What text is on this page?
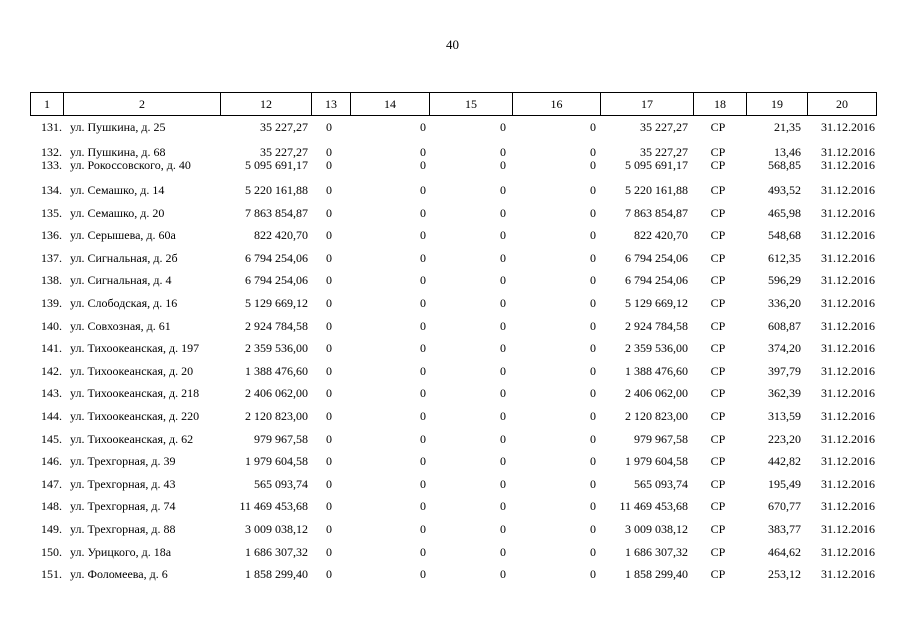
40
1	2	12	13	14	15	16	17	18	19	20
131. ул. Пушкина, д. 25	35 227,27	0	0	0	0	35 227,27	СР	21,35	31.12.2016
132. ул. Пушкина, д. 68	35 227,27	0	0	0	0	35 227,27	СР	13,46	31.12.2016
133. ул. Рокоссовского, д. 40	5 095 691,17	0	0	0	0	5 095 691,17	СР	568,85	31.12.2016
134. ул. Семашко, д. 14	5 220 161,88	0	0	0	0	5 220 161,88	СР	493,52	31.12.2016
135. ул. Семашко, д. 20	7 863 854,87	0	0	0	0	7 863 854,87	СР	465,98	31.12.2016
136. ул. Серышева, д. 60а	822 420,70	0	0	0	0	822 420,70	СР	548,68	31.12.2016
137. ул. Сигнальная, д. 2б	6 794 254,06	0	0	0	0	6 794 254,06	СР	612,35	31.12.2016
138. ул. Сигнальная, д. 4	6 794 254,06	0	0	0	0	6 794 254,06	СР	596,29	31.12.2016
139. ул. Слободская, д. 16	5 129 669,12	0	0	0	0	5 129 669,12	СР	336,20	31.12.2016
140. ул. Совхозная, д. 61	2 924 784,58	0	0	0	0	2 924 784,58	СР	608,87	31.12.2016
141. ул. Тихоокеанская, д. 197	2 359 536,00	0	0	0	0	2 359 536,00	СР	374,20	31.12.2016
142. ул. Тихоокеанская, д. 20	1 388 476,60	0	0	0	0	1 388 476,60	СР	397,79	31.12.2016
143. ул. Тихоокеанская, д. 218	2 406 062,00	0	0	0	0	2 406 062,00	СР	362,39	31.12.2016
144. ул. Тихоокеанская, д. 220	2 120 823,00	0	0	0	0	2 120 823,00	СР	313,59	31.12.2016
145. ул. Тихоокеанская, д. 62	979 967,58	0	0	0	0	979 967,58	СР	223,20	31.12.2016
146. ул. Трехгорная, д. 39	1 979 604,58	0	0	0	0	1 979 604,58	СР	442,82	31.12.2016
147. ул. Трехгорная, д. 43	565 093,74	0	0	0	0	565 093,74	СР	195,49	31.12.2016
148. ул. Трехгорная, д. 74	11 469 453,68	0	0	0	0	11 469 453,68	СР	670,77	31.12.2016
149. ул. Трехгорная, д. 88	3 009 038,12	0	0	0	0	3 009 038,12	СР	383,77	31.12.2016
150. ул. Урицкого, д. 18а	1 686 307,32	0	0	0	0	1 686 307,32	СР	464,62	31.12.2016
151. ул. Фоломеева, д. 6	1 858 299,40	0	0	0	0	1 858 299,40	СР	253,12	31.12.2016
